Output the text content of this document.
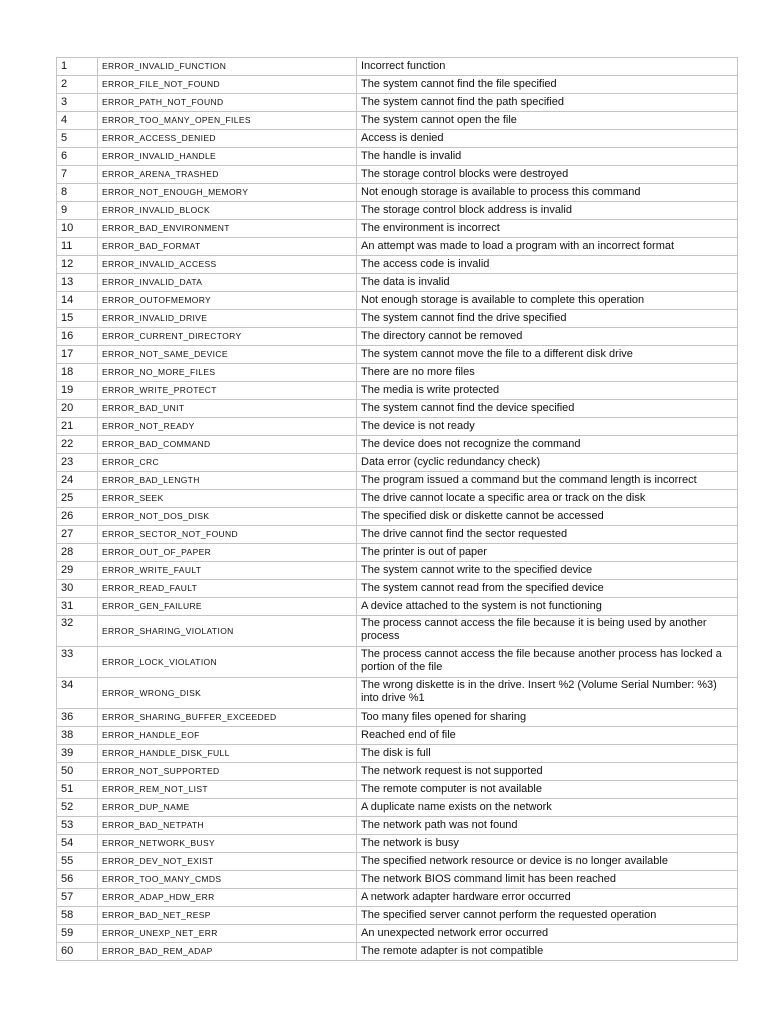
1	ERROR_INVALID_FUNCTION	Incorrect function
2	ERROR_FILE_NOT_FOUND	The system cannot find the file specified
3	ERROR_PATH_NOT_FOUND	The system cannot find the path specified
4	ERROR_TOO_MANY_OPEN_FILES	The system cannot open the file
5	ERROR_ACCESS_DENIED	Access is denied
6	ERROR_INVALID_HANDLE	The handle is invalid
7	ERROR_ARENA_TRASHED	The storage control blocks were destroyed
8	ERROR_NOT_ENOUGH_MEMORY	Not enough storage is available to process this command
9	ERROR_INVALID_BLOCK	The storage control block address is invalid
10	ERROR_BAD_ENVIRONMENT	The environment is incorrect
11	ERROR_BAD_FORMAT	An attempt was made to load a program with an incorrect format
12	ERROR_INVALID_ACCESS	The access code is invalid
13	ERROR_INVALID_DATA	The data is invalid
14	ERROR_OUTOFMEMORY	Not enough storage is available to complete this operation
15	ERROR_INVALID_DRIVE	The system cannot find the drive specified
16	ERROR_CURRENT_DIRECTORY	The directory cannot be removed
17	ERROR_NOT_SAME_DEVICE	The system cannot move the file to a different disk drive
18	ERROR_NO_MORE_FILES	There are no more files
19	ERROR_WRITE_PROTECT	The media is write protected
20	ERROR_BAD_UNIT	The system cannot find the device specified
21	ERROR_NOT_READY	The device is not ready
22	ERROR_BAD_COMMAND	The device does not recognize the command
23	ERROR_CRC	Data error (cyclic redundancy check)
24	ERROR_BAD_LENGTH	The program issued a command but the command length is incorrect
25	ERROR_SEEK	The drive cannot locate a specific area or track on the disk
26	ERROR_NOT_DOS_DISK	The specified disk or diskette cannot be accessed
27	ERROR_SECTOR_NOT_FOUND	The drive cannot find the sector requested
28	ERROR_OUT_OF_PAPER	The printer is out of paper
29	ERROR_WRITE_FAULT	The system cannot write to the specified device
30	ERROR_READ_FAULT	The system cannot read from the specified device
31	ERROR_GEN_FAILURE	A device attached to the system is not functioning
32	ERROR_SHARING_VIOLATION	The process cannot access the file because it is being used by another process
33	ERROR_LOCK_VIOLATION	The process cannot access the file because another process has locked a portion of the file
34	ERROR_WRONG_DISK	The wrong diskette is in the drive. Insert %2 (Volume Serial Number: %3) into drive %1
36	ERROR_SHARING_BUFFER_EXCEEDED	Too many files opened for sharing
38	ERROR_HANDLE_EOF	Reached end of file
39	ERROR_HANDLE_DISK_FULL	The disk is full
50	ERROR_NOT_SUPPORTED	The network request is not supported
51	ERROR_REM_NOT_LIST	The remote computer is not available
52	ERROR_DUP_NAME	A duplicate name exists on the network
53	ERROR_BAD_NETPATH	The network path was not found
54	ERROR_NETWORK_BUSY	The network is busy
55	ERROR_DEV_NOT_EXIST	The specified network resource or device is no longer available
56	ERROR_TOO_MANY_CMDS	The network BIOS command limit has been reached
57	ERROR_ADAP_HDW_ERR	A network adapter hardware error occurred
58	ERROR_BAD_NET_RESP	The specified server cannot perform the requested operation
59	ERROR_UNEXP_NET_ERR	An unexpected network error occurred
60	ERROR_BAD_REM_ADAP	The remote adapter is not compatible
